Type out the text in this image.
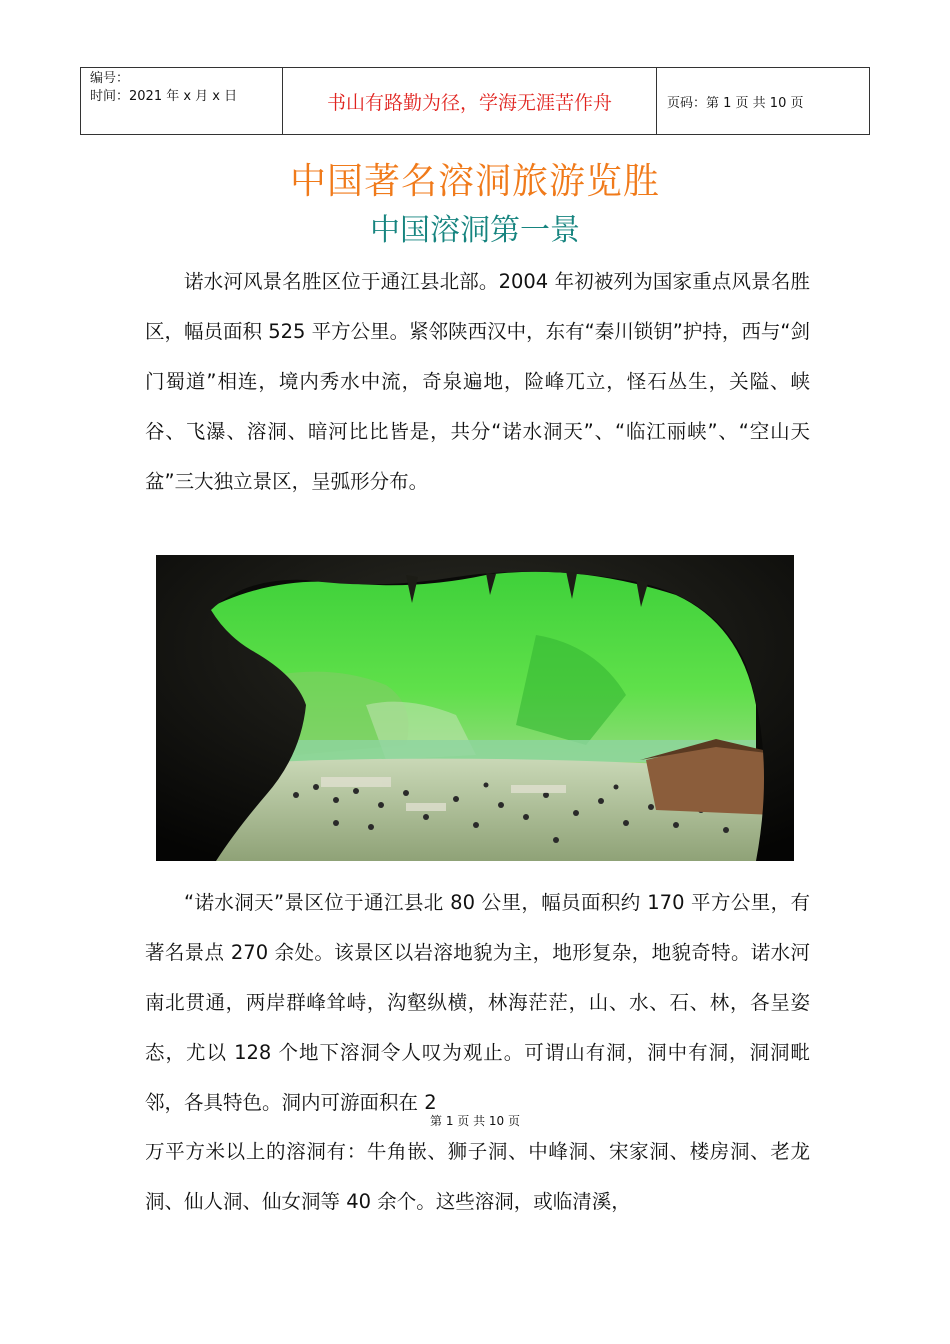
编号：
时间：2021 年 x 月 x 日	书山有路勤为径，学海无涯苦作舟	页码：第 1 页 共 10 页
中国著名溶洞旅游览胜
中国溶洞第一景

诺水河风景名胜区位于通江县北部。2004 年初被列为国家重点风景名胜区，幅员面积 525 平方公里。紧邻陕西汉中，东有“秦川锁钥”护持，西与“剑门蜀道”相连，境内秀水中流，奇泉遍地，险峰兀立，怪石丛生，关隘、峡谷、飞瀑、溶洞、暗河比比皆是，共分“诺水洞天”、“临江丽峡”、“空山天盆”三大独立景区，呈弧形分布。

“诺水洞天”景区位于通江县北 80 公里，幅员面积约 170 平方公里，有著名景点 270 余处。该景区以岩溶地貌为主，地形复杂，地貌奇特。诺水河南北贯通，两岸群峰耸峙，沟壑纵横，林海茫茫，山、水、石、林，各呈姿态，尤以 128 个地下溶洞令人叹为观止。可谓山有洞，洞中有洞，洞洞毗邻，各具特色。洞内可游面积在 2

第 1 页 共 10 页

万平方米以上的溶洞有：牛角嵌、狮子洞、中峰洞、宋家洞、楼房洞、老龙洞、仙人洞、仙女洞等 40 余个。这些溶洞，或临清溪，
